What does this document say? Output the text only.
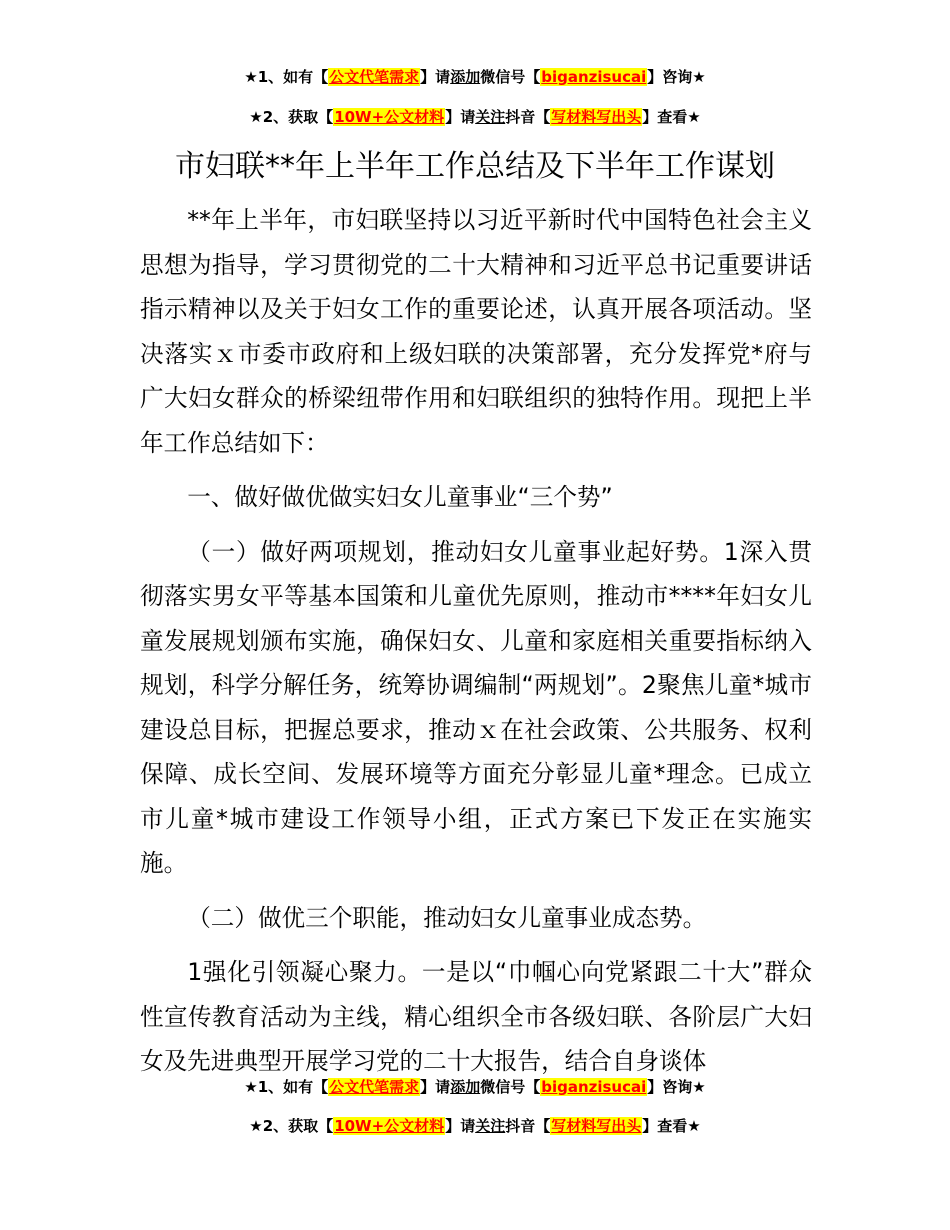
★1、如有【公文代笔需求】请添加微信号【biganzisucai】咨询★
★2、获取【10W+公文材料】请关注抖音【写材料写出头】查看★
市妇联**年上半年工作总结及下半年工作谋划

**年上半年，市妇联坚持以习近平新时代中国特色社会主义思想为指导，学习贯彻党的二十大精神和习近平总书记重要讲话指示精神以及关于妇女工作的重要论述，认真开展各项活动。坚决落实ｘ市委市政府和上级妇联的决策部署，充分发挥党*府与广大妇女群众的桥梁纽带作用和妇联组织的独特作用。现把上半年工作总结如下：

一、做好做优做实妇女儿童事业“三个势”

（一）做好两项规划，推动妇女儿童事业起好势。1深入贯彻落实男女平等基本国策和儿童优先原则，推动市****年妇女儿童发展规划颁布实施，确保妇女、儿童和家庭相关重要指标纳入规划，科学分解任务，统筹协调编制“两规划”。2聚焦儿童*城市建设总目标，把握总要求，推动ｘ在社会政策、公共服务、权利保障、成长空间、发展环境等方面充分彰显儿童*理念。已成立市儿童*城市建设工作领导小组，正式方案已下发正在实施实施。

（二）做优三个职能，推动妇女儿童事业成态势。

1强化引领凝心聚力。一是以“巾帼心向党紧跟二十大”群众性宣传教育活动为主线，精心组织全市各级妇联、各阶层广大妇女及先进典型开展学习党的二十大报告，结合自身谈体

★1、如有【公文代笔需求】请添加微信号【biganzisucai】咨询★
★2、获取【10W+公文材料】请关注抖音【写材料写出头】查看★
